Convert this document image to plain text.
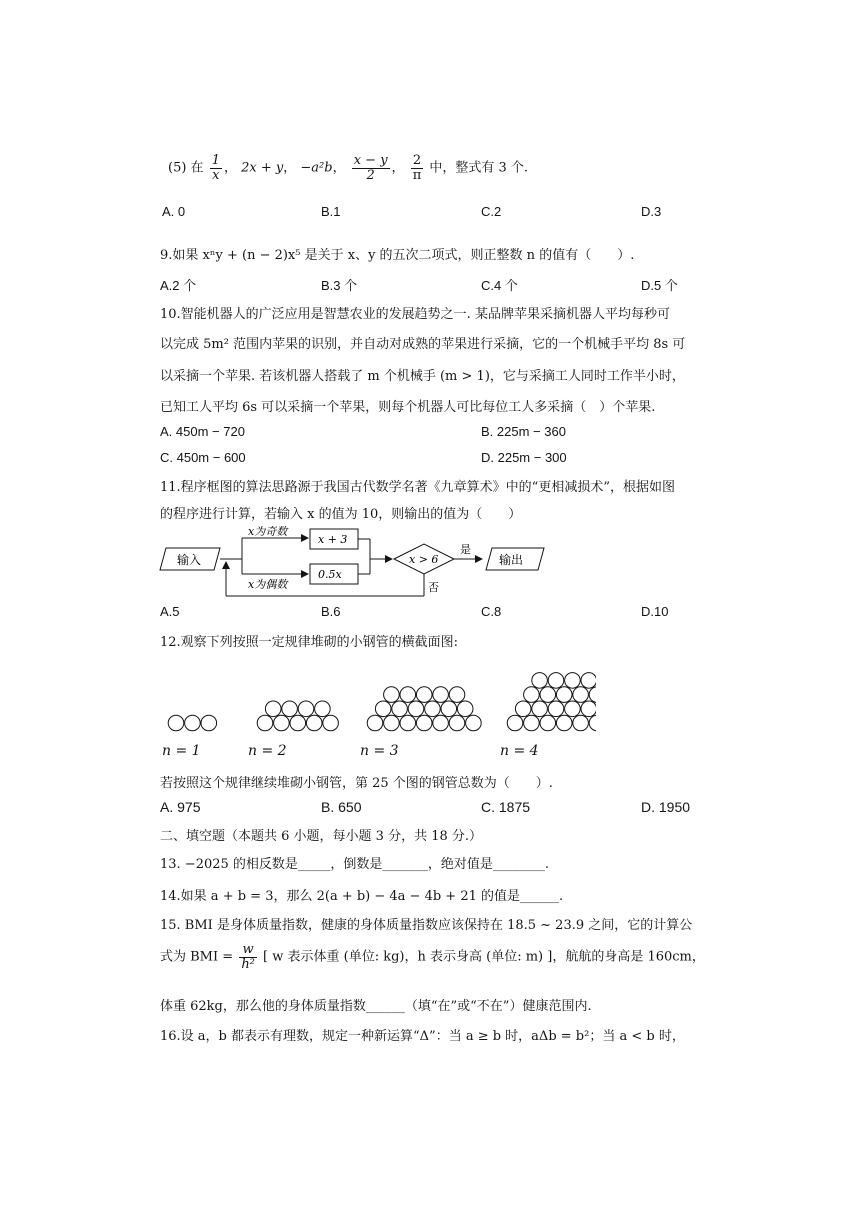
(5) 在 $\frac{1}{x}$ ， 2x + y， −a²b， $\frac{x - y}{2}$ ， $\frac{2}{\pi}$ 中，整式有 3 个.
A. 0	B.1	C.2	D.3
9.如果 xⁿy + (n − 2)x⁵ 是关于 x、y 的五次二项式，则正整数 n 的值有（　　）.
A.2 个	B.3 个	C.4 个	D.5 个
10.智能机器人的广泛应用是智慧农业的发展趋势之一. 某品牌苹果采摘机器人平均每秒可
以完成 5m² 范围内苹果的识别，并自动对成熟的苹果进行采摘，它的一个机械手平均 8s 可
以采摘一个苹果. 若该机器人搭载了 m 个机械手 (m > 1)，它与采摘工人同时工作半小时，
已知工人平均 6s 可以采摘一个苹果，则每个机器人可比每位工人多采摘（　）个苹果.
A. 450m − 720	B. 225m − 360
C. 450m − 600	D. 225m − 300
11.程序框图的算法思路源于我国古代数学名著《九章算术》中的“更相减损术”，根据如图
的程序进行计算，若输入 x 的值为 10，则输出的值为（　　）
输入
x为奇数
x为偶数
x + 3
0.5x
x > 6
是
否
输出
A.5	B.6	C.8	D.10
12.观察下列按照一定规律堆砌的小钢管的横截面图:
n = 1	n = 2	n = 3	n = 4
若按照这个规律继续堆砌小钢管，第 25 个图的钢管总数为（　　）.
A. 975	B. 650	C. 1875	D. 1950
二、填空题（本题共 6 小题，每小题 3 分，共 18 分.）
13. −2025 的相反数是_____，倒数是_______，绝对值是________.
14.如果 a + b = 3，那么 2(a + b) − 4a − 4b + 21 的值是______.
15. BMI 是身体质量指数，健康的身体质量指数应该保持在 18.5 ~ 23.9 之间，它的计算公
式为 BMI = $\frac{w}{\text{h²}}$ [ w 表示体重 (单位: kg)，h 表示身高 (单位: m) ]，航航的身高是 160cm，
体重 62kg，那么他的身体质量指数______（填“在”或“不在”）健康范围内.
16.设 a，b 都表示有理数，规定一种新运算“Δ”：当 a ≥ b 时，aΔb = b²；当 a < b 时，
